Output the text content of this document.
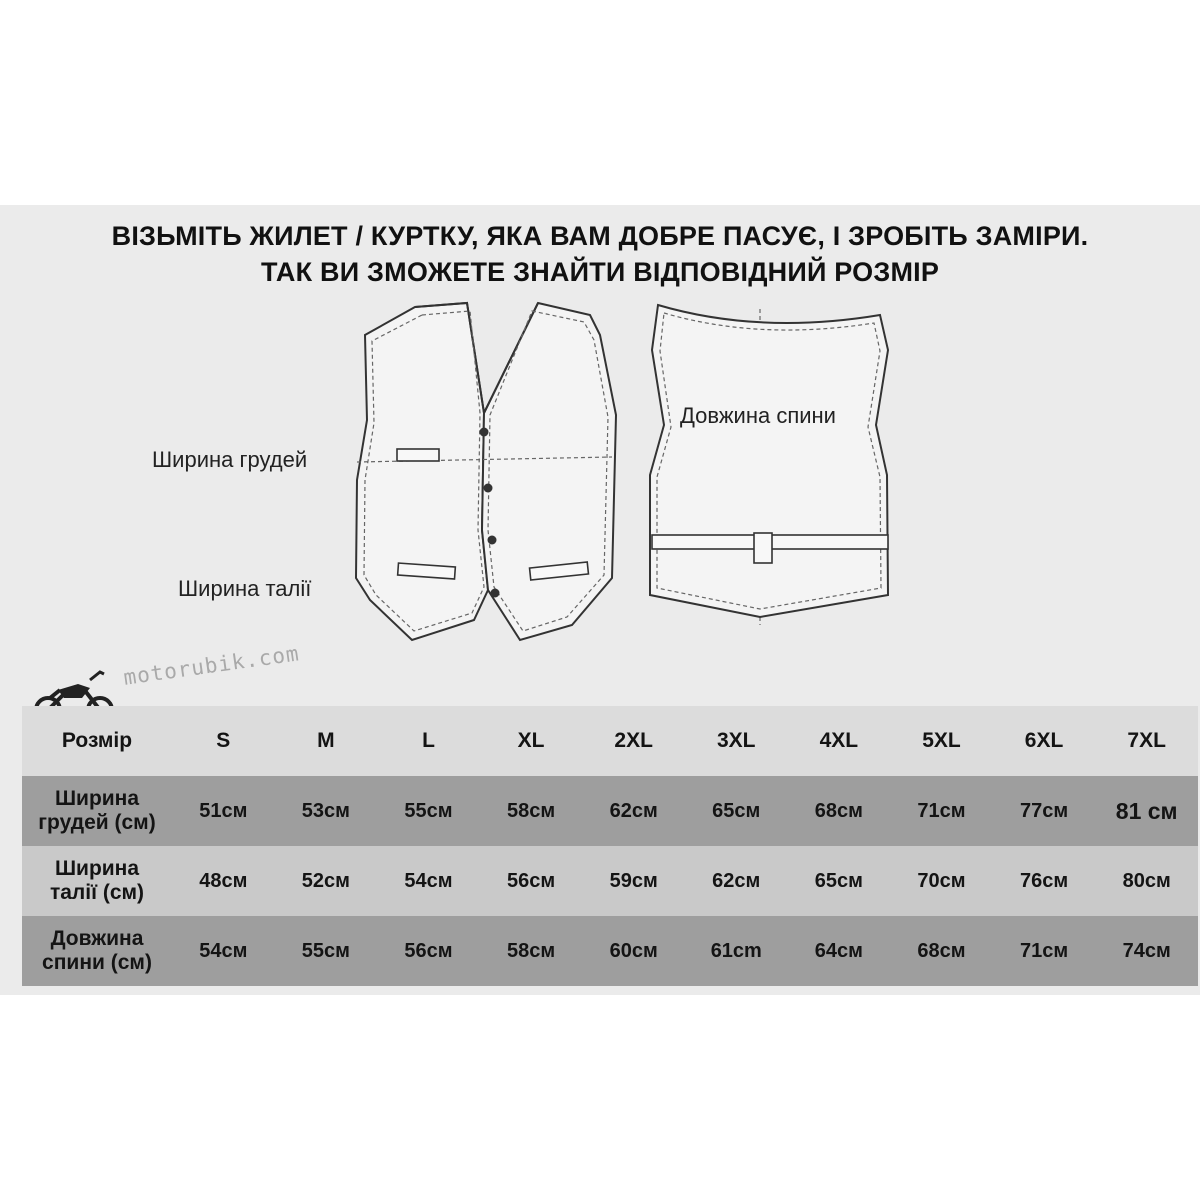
ВІЗЬМІТЬ ЖИЛЕТ / КУРТКУ, ЯКА ВАМ ДОБРЕ ПАСУЄ, І ЗРОБІТЬ ЗАМІРИ.
ТАК ВИ ЗМОЖЕТЕ ЗНАЙТИ ВІДПОВІДНИЙ РОЗМІР
Ширина грудей
Ширина талії
Довжина спини
motorubik.com
Розмір	S	M	L	XL	2XL	3XL	4XL	5XL	6XL	7XL

Ширина
грудей (см)	51см	53см	55см	58см	62см	65см	68см	71см	77см	81 см

Ширина
талії (см)	48см	52см	54см	56см	59см	62см	65см	70см	76см	80см

Довжина
спини (см)	54см	55см	56см	58см	60см	61cm	64см	68см	71см	74см
